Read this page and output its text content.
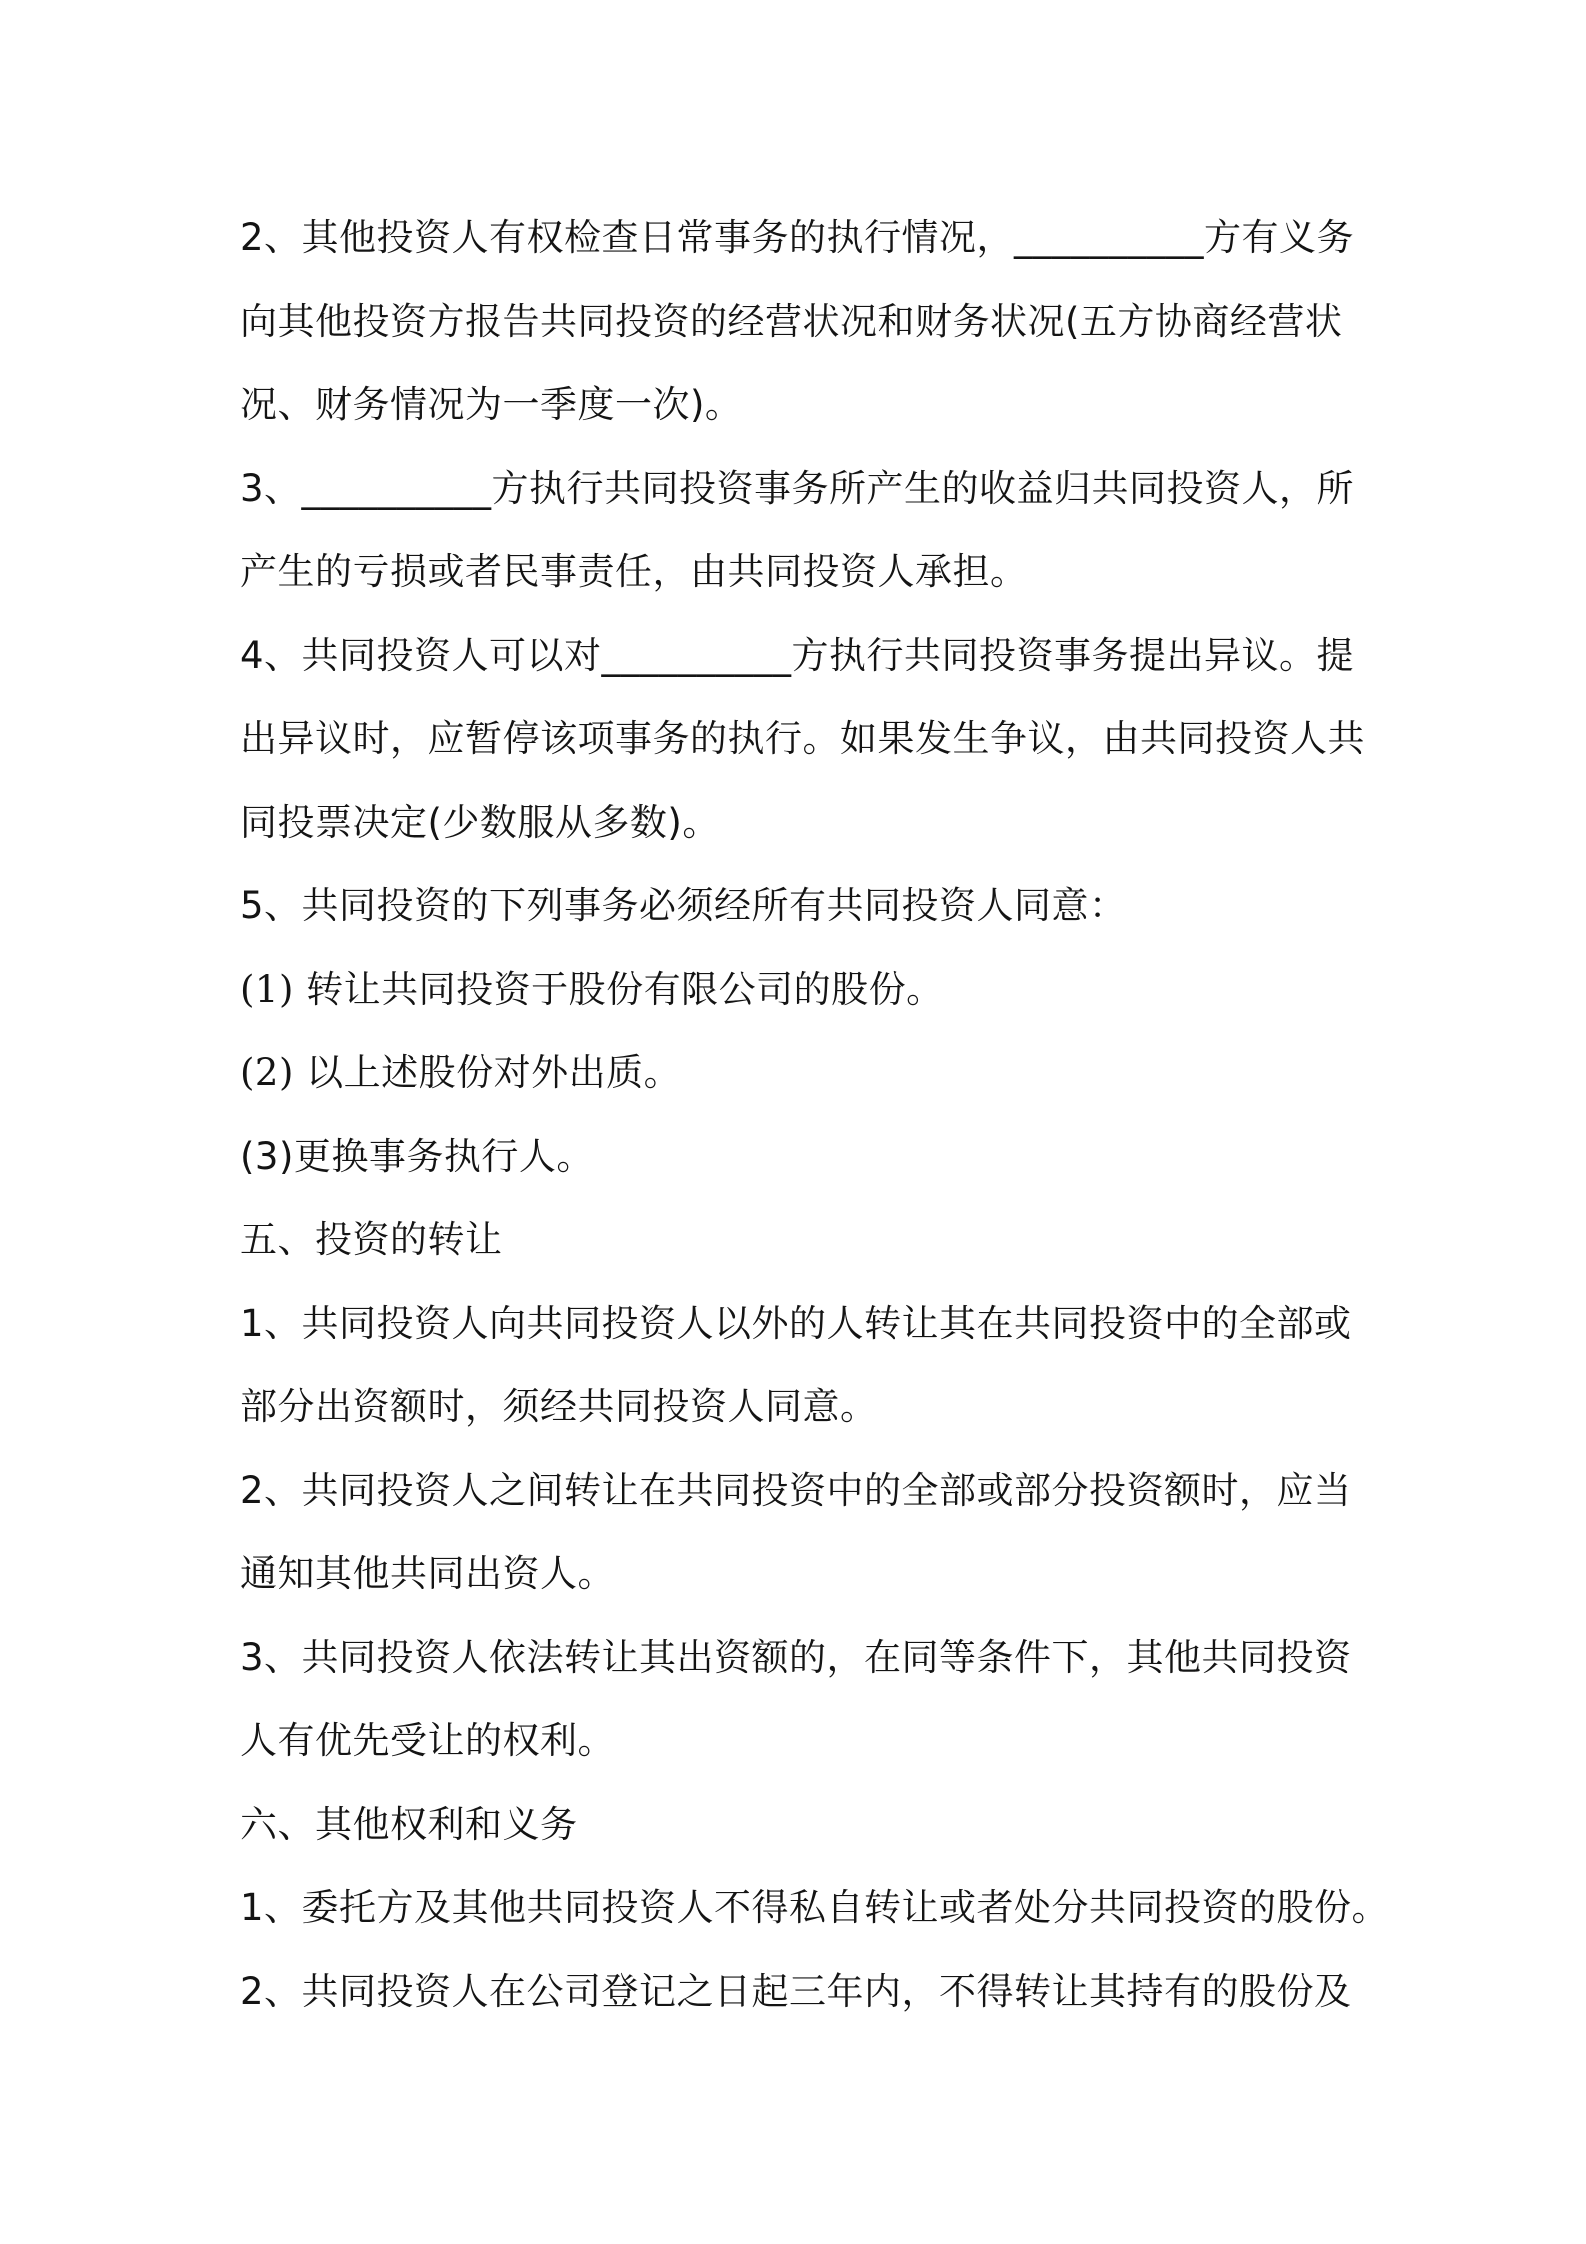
2、其他投资人有权检查日常事务的执行情况，__________方有义务
向其他投资方报告共同投资的经营状况和财务状况(五方协商经营状
况、财务情况为一季度一次)。
3、__________方执行共同投资事务所产生的收益归共同投资人，所
产生的亏损或者民事责任，由共同投资人承担。
4、共同投资人可以对__________方执行共同投资事务提出异议。提
出异议时，应暂停该项事务的执行。如果发生争议，由共同投资人共
同投票决定(少数服从多数)。
5、共同投资的下列事务必须经所有共同投资人同意：
(1) 转让共同投资于股份有限公司的股份。
(2) 以上述股份对外出质。
(3)更换事务执行人。
五、投资的转让
1、共同投资人向共同投资人以外的人转让其在共同投资中的全部或
部分出资额时，须经共同投资人同意。
2、共同投资人之间转让在共同投资中的全部或部分投资额时，应当
通知其他共同出资人。
3、共同投资人依法转让其出资额的，在同等条件下，其他共同投资
人有优先受让的权利。
六、其他权利和义务
1、委托方及其他共同投资人不得私自转让或者处分共同投资的股份。
2、共同投资人在公司登记之日起三年内，不得转让其持有的股份及
